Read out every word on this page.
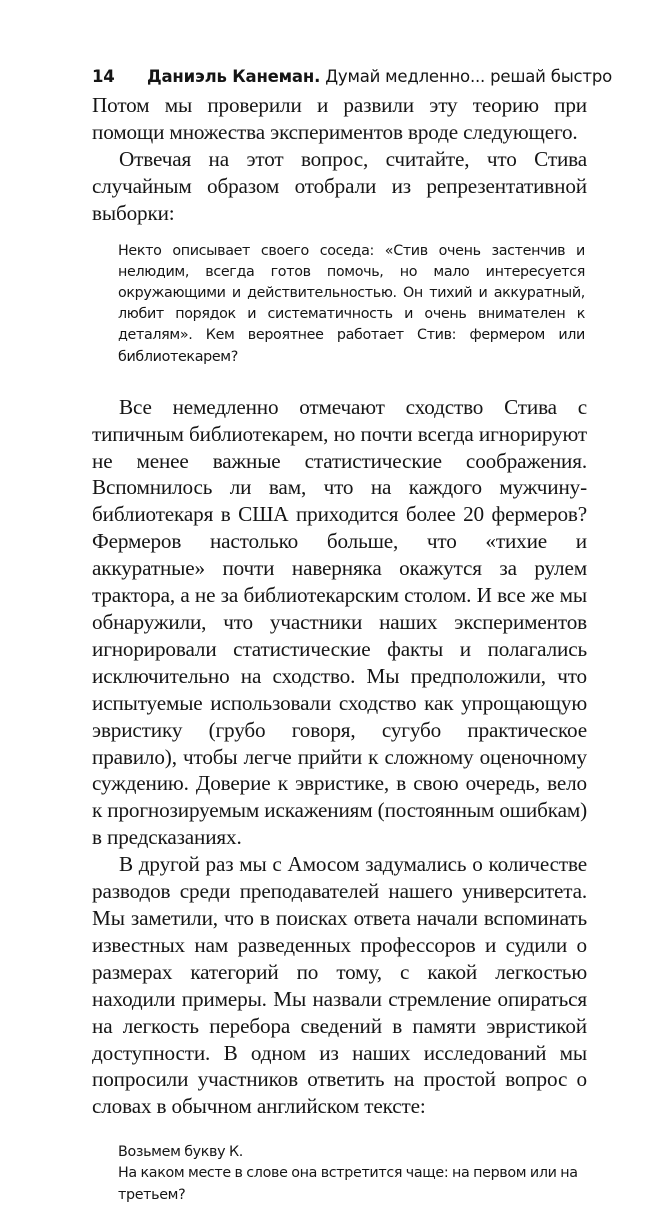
14 Даниэль Канеман. Думай медленно... решай быстро

Потом мы проверили и развили эту теорию при помощи множества экспериментов вроде следующего.

Отвечая на этот вопрос, считайте, что Стива случайным образом отобрали из репрезентативной выборки:

Некто описывает своего соседа: «Стив очень застенчив и нелюдим, всегда готов помочь, но мало интересуется окружающими и действительностью. Он тихий и аккуратный, любит порядок и систематичность и очень внимателен к деталям». Кем вероятнее работает Стив: фермером или библиотекарем?

Все немедленно отмечают сходство Стива с типичным библиотекарем, но почти всегда игнорируют не менее важные статистические соображения. Вспомнилось ли вам, что на каждого мужчину-библиотекаря в США приходится более 20 фермеров? Фермеров настолько больше, что «тихие и аккуратные» почти наверняка окажутся за рулем трактора, а не за библиотекарским столом. И все же мы обнаружили, что участники наших экспериментов игнорировали статистические факты и полагались исключительно на сходство. Мы предположили, что испытуемые использовали сходство как упрощающую эвристику (грубо говоря, сугубо практическое правило), чтобы легче прийти к сложному оценочному суждению. Доверие к эвристике, в свою очередь, вело к прогнозируемым искажениям (постоянным ошибкам) в предсказаниях.

В другой раз мы с Амосом задумались о количестве разводов среди преподавателей нашего университета. Мы заметили, что в поисках ответа начали вспоминать известных нам разведенных профессоров и судили о размерах категорий по тому, с какой легкостью находили примеры. Мы назвали стремление опираться на легкость перебора сведений в памяти эвристикой доступности. В одном из наших исследований мы попросили участников ответить на простой вопрос о словах в обычном английском тексте:

Возьмем букву К.
На каком месте в слове она встретится чаще: на первом или на третьем?
